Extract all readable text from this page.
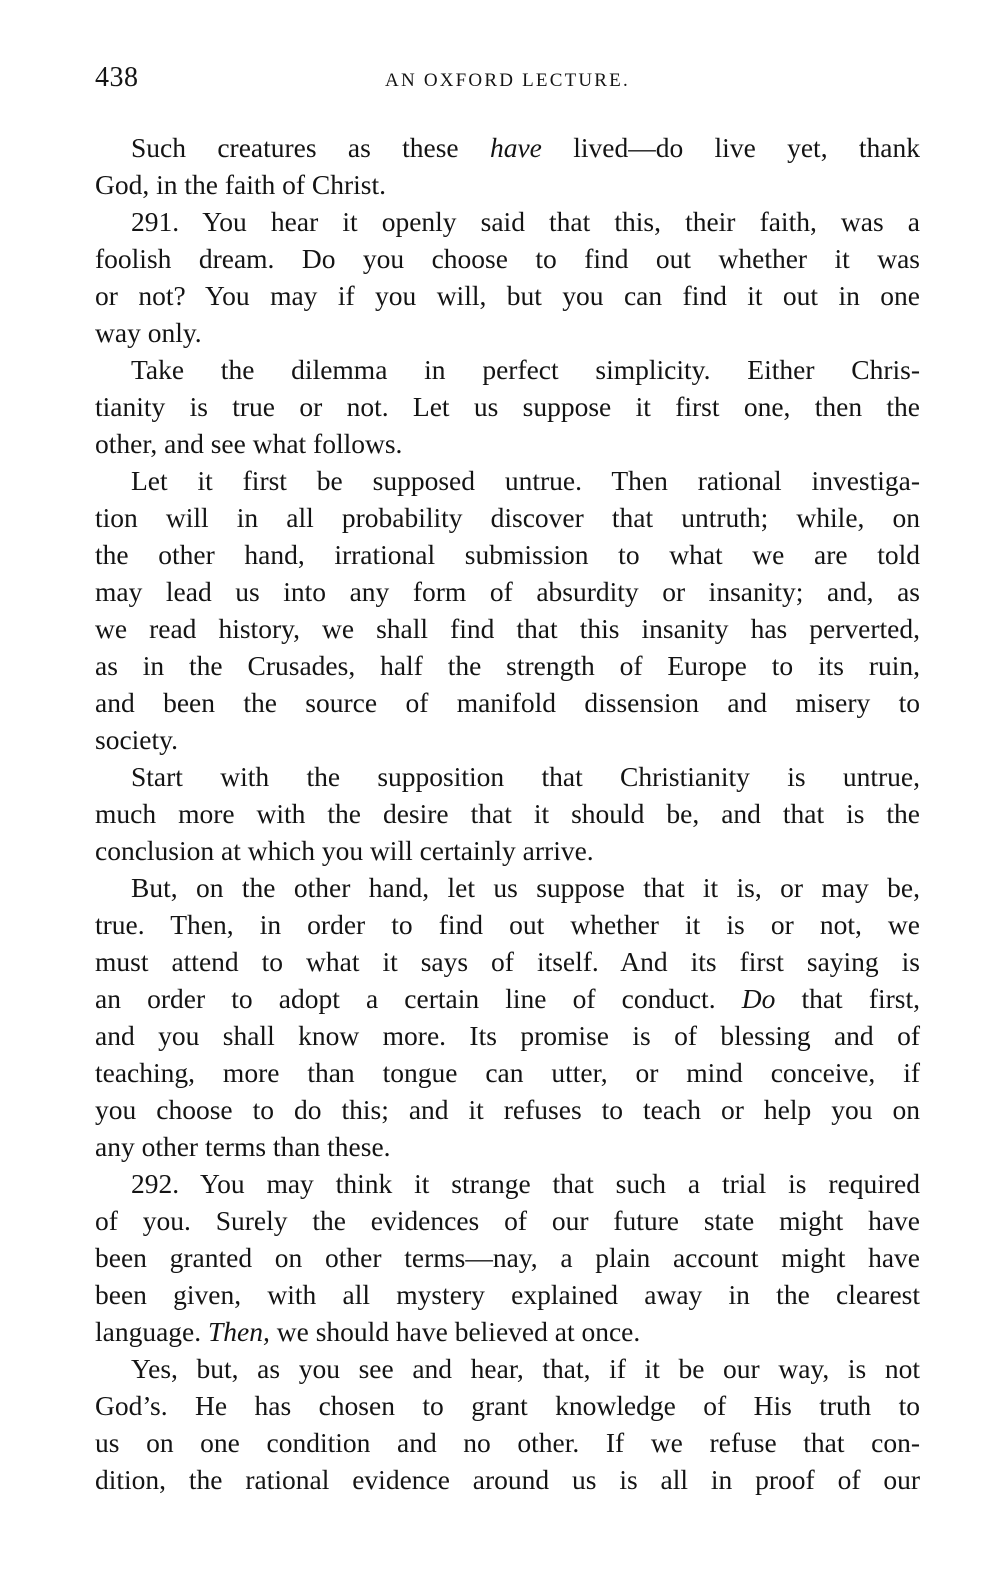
438	AN OXFORD LECTURE.
Such creatures as these have lived—do live yet, thank
God, in the faith of Christ.
291. You hear it openly said that this, their faith, was a
foolish dream. Do you choose to find out whether it was
or not? You may if you will, but you can find it out in one
way only.
Take the dilemma in perfect simplicity. Either Chris-
tianity is true or not. Let us suppose it first one, then the
other, and see what follows.
Let it first be supposed untrue. Then rational investiga-
tion will in all probability discover that untruth; while, on
the other hand, irrational submission to what we are told
may lead us into any form of absurdity or insanity; and, as
we read history, we shall find that this insanity has perverted,
as in the Crusades, half the strength of Europe to its ruin,
and been the source of manifold dissension and misery to
society.
Start with the supposition that Christianity is untrue,
much more with the desire that it should be, and that is the
conclusion at which you will certainly arrive.
But, on the other hand, let us suppose that it is, or may be,
true. Then, in order to find out whether it is or not, we
must attend to what it says of itself. And its first saying is
an order to adopt a certain line of conduct. Do that first,
and you shall know more. Its promise is of blessing and of
teaching, more than tongue can utter, or mind conceive, if
you choose to do this; and it refuses to teach or help you on
any other terms than these.
292. You may think it strange that such a trial is required
of you. Surely the evidences of our future state might have
been granted on other terms—nay, a plain account might have
been given, with all mystery explained away in the clearest
language. Then, we should have believed at once.
Yes, but, as you see and hear, that, if it be our way, is not
God’s. He has chosen to grant knowledge of His truth to
us on one condition and no other. If we refuse that con-
dition, the rational evidence around us is all in proof of our
